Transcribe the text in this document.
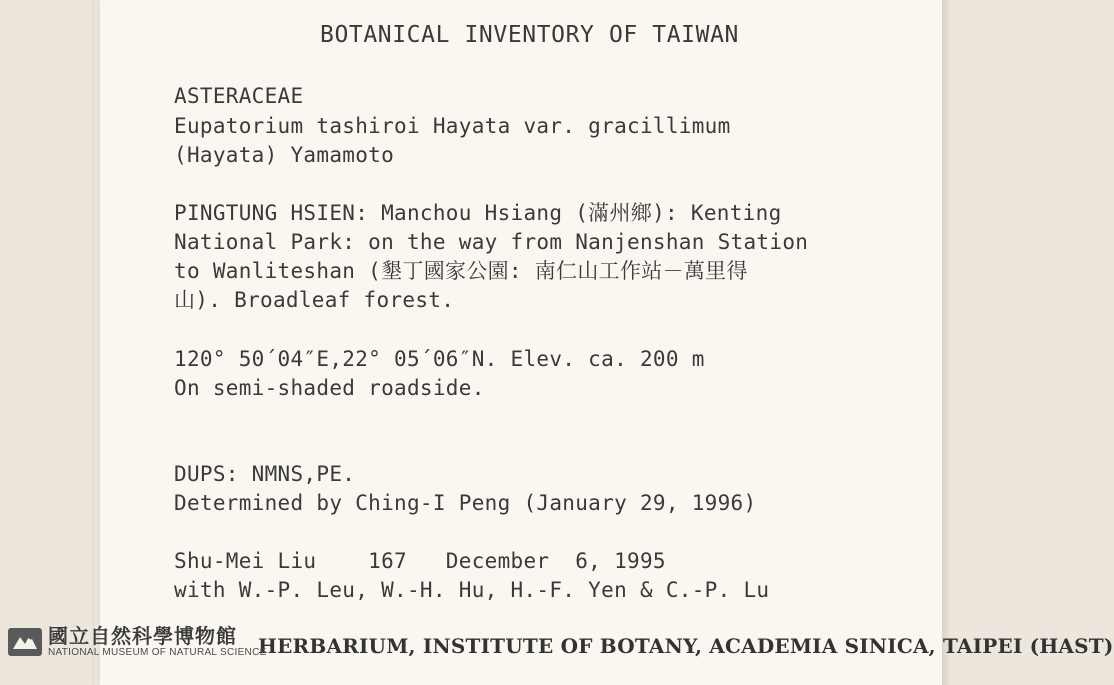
BOTANICAL INVENTORY OF TAIWAN
ASTERACEAE
Eupatorium tashiroi Hayata var. gracillimum
(Hayata) Yamamoto
PINGTUNG HSIEN: Manchou Hsiang (滿州鄉): Kenting
National Park: on the way from Nanjenshan Station
to Wanliteshan (墾丁國家公園: 南仁山工作站－萬里得
山). Broadleaf forest.
120° 50´04″E,22° 05´06″N. Elev. ca. 200 m
On semi-shaded roadside.
DUPS: NMNS,PE.
Determined by Ching-I Peng (January 29, 1996)
Shu-Mei Liu    167   December  6, 1995
with W.-P. Leu, W.-H. Hu, H.-F. Yen & C.-P. Lu
HERBARIUM, INSTITUTE OF BOTANY, ACADEMIA SINICA, TAIPEI (HAST)
國立自然科學博物館
NATIONAL MUSEUM OF NATURAL SCIENCE
